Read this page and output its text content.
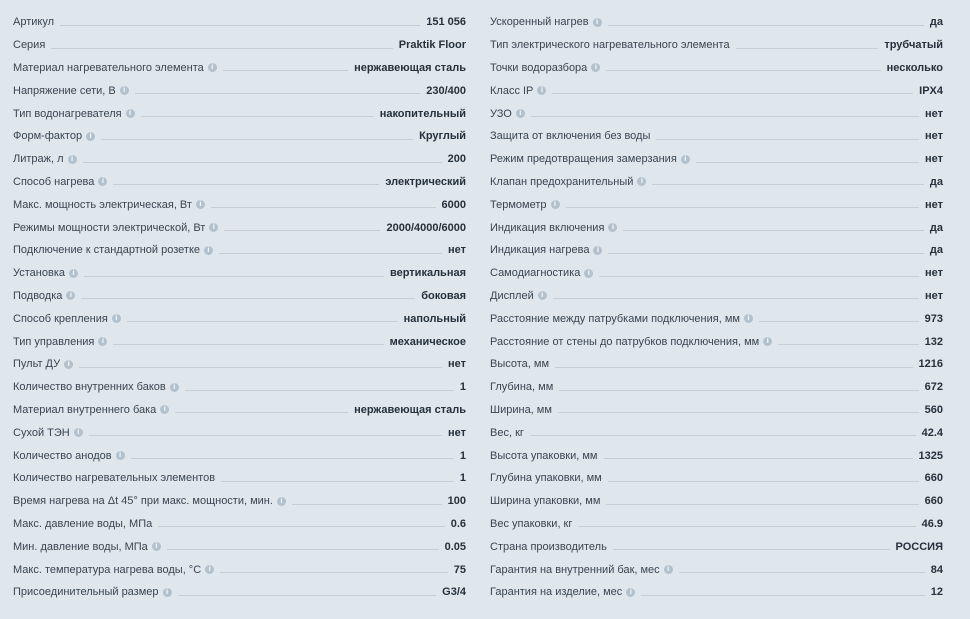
Артикул	151 056
Серия	Praktik Floor
Материал нагревательного элемента	i	нержавеющая сталь
Напряжение сети, В	i	230/400
Тип водонагревателя	i	накопительный
Форм-фактор	i	Круглый
Литраж, л	i	200
Способ нагрева	i	электрический
Макс. мощность электрическая, Вт	i	6000
Режимы мощности электрической, Вт	i	2000/4000/6000
Подключение к стандартной розетке	i	нет
Установка	i	вертикальная
Подводка	i	боковая
Способ крепления	i	напольный
Тип управления	i	механическое
Пульт ДУ	i	нет
Количество внутренних баков	i	1
Материал внутреннего бака	i	нержавеющая сталь
Сухой ТЭН	i	нет
Количество анодов	i	1
Количество нагревательных элементов	1
Время нагрева на Δt 45° при макс. мощности, мин.	i	100
Макс. давление воды, МПа	0.6
Мин. давление воды, МПа	i	0.05
Макс. температура нагрева воды, °С	i	75
Присоединительный размер	i	G3/4
Ускоренный нагрев	i	да
Тип электрического нагревательного элемента	трубчатый
Точки водоразбора	i	несколько
Класс IP	i	IPX4
УЗО	i	нет
Защита от включения без воды	нет
Режим предотвращения замерзания	i	нет
Клапан предохранительный	i	да
Термометр	i	нет
Индикация включения	i	да
Индикация нагрева	i	да
Самодиагностика	i	нет
Дисплей	i	нет
Расстояние между патрубками подключения, мм	i	973
Расстояние от стены до патрубков подключения, мм	i	132
Высота, мм	1216
Глубина, мм	672
Ширина, мм	560
Вес, кг	42.4
Высота упаковки, мм	1325
Глубина упаковки, мм	660
Ширина упаковки, мм	660
Вес упаковки, кг	46.9
Страна производитель	РОССИЯ
Гарантия на внутренний бак, мес	i	84
Гарантия на изделие, мес	i	12
